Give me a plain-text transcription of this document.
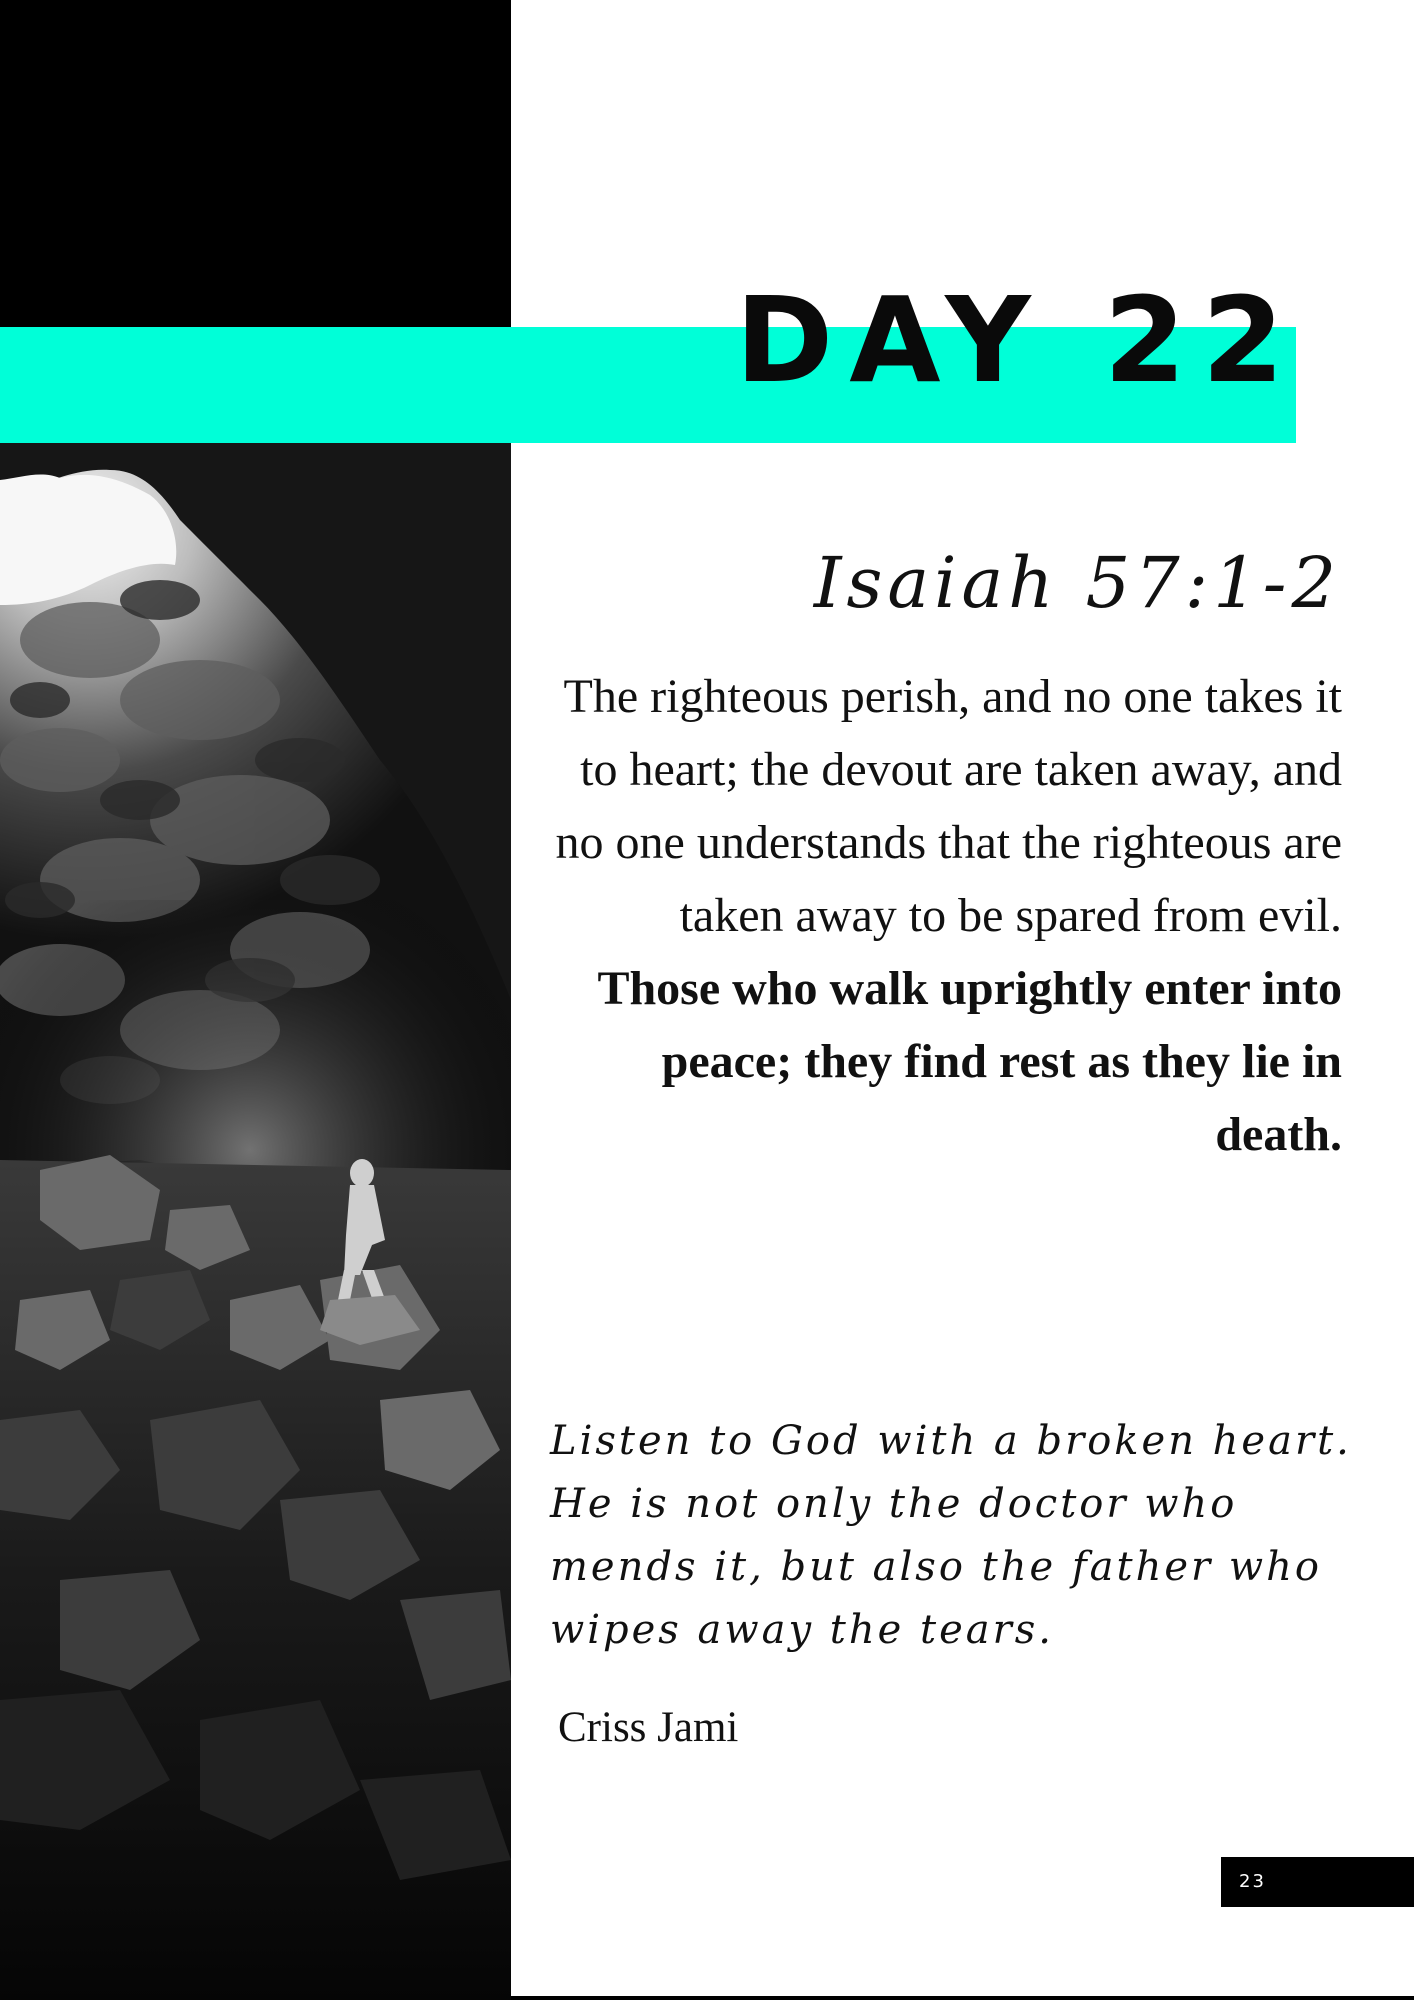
DAY 22
Isaiah 57:1-2

The righteous perish, and no one takes it to heart; the devout are taken away, and no one understands that the righteous are taken away to be spared from evil. Those who walk uprightly enter into peace; they find rest as they lie in death.

Listen to God with a broken heart. He is not only the doctor who mends it, but also the father who wipes away the tears.

Criss Jami

23
